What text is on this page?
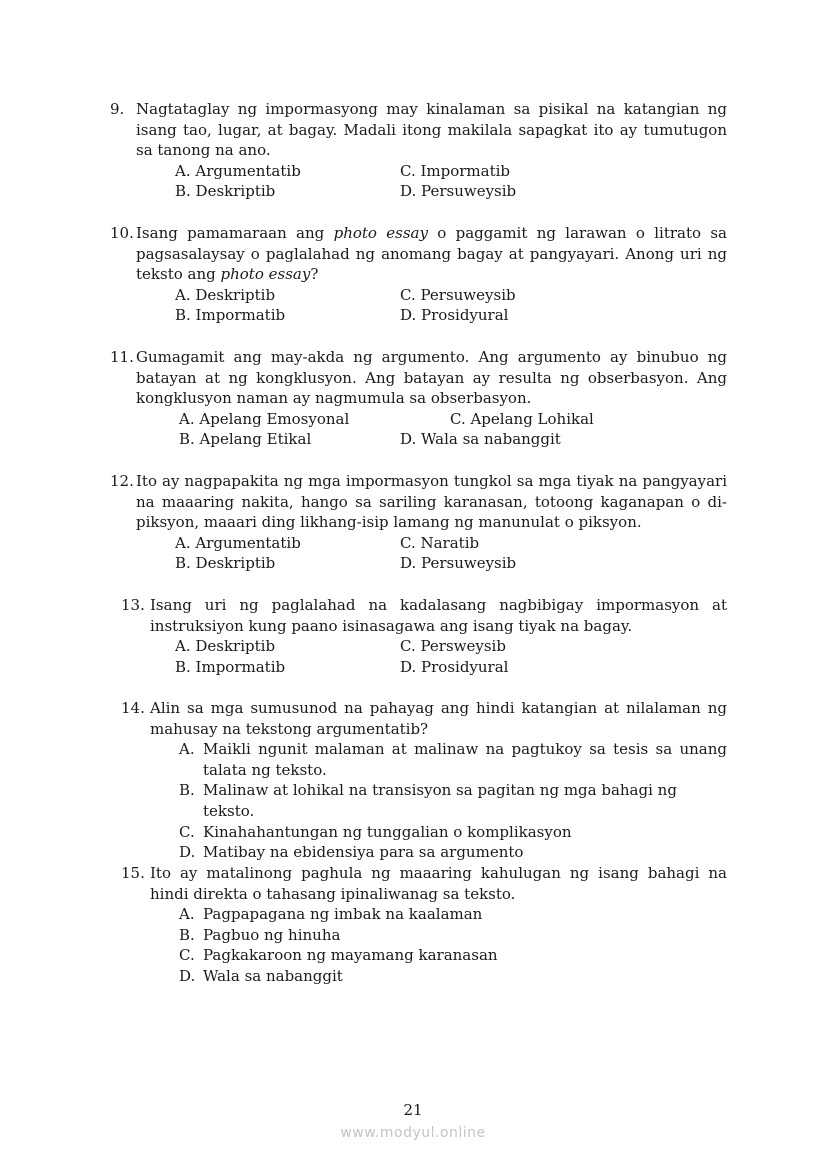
9. Nagtataglay ng impormasyong may kinalaman sa pisikal na katangian ng isang tao, lugar, at bagay. Madali itong makilala sapagkat ito ay tumutugon sa tanong na ano.
A. Argumentatib	C. Impormatib
B. Deskriptib	D. Persuweysib
10. Isang pamamaraan ang photo essay o paggamit ng larawan o litrato sa pagsasalaysay o paglalahad ng anomang bagay at pangyayari. Anong uri ng teksto ang photo essay?
A. Deskriptib	C. Persuweysib
B. Impormatib	D. Prosidyural
11. Gumagamit ang may-akda ng argumento. Ang argumento ay binubuo ng batayan at ng kongklusyon. Ang batayan ay resulta ng obserbasyon. Ang kongklusyon naman ay nagmumula sa obserbasyon.
A. Apelang Emosyonal	C. Apelang Lohikal
B. Apelang Etikal	D. Wala sa nabanggit
12. Ito ay nagpapakita ng mga impormasyon tungkol sa mga tiyak na pangyayari na maaaring nakita, hango sa sariling karanasan, totoong kaganapan o di-piksyon, maaari ding likhang-isip lamang ng manunulat o piksyon.
A. Argumentatib	C. Naratib
B. Deskriptib	D. Persuweysib
13. Isang uri ng paglalahad na kadalasang nagbibigay impormasyon at instruksiyon kung paano isinasagawa ang isang tiyak na bagay.
A. Deskriptib	C. Persweysib
B. Impormatib	D. Prosidyural
14. Alin sa mga sumusunod na pahayag ang hindi katangian at nilalaman ng mahusay na tekstong argumentatib?
A. Maikli ngunit malaman at malinaw na pagtukoy sa tesis sa unang talata ng teksto.
B. Malinaw at lohikal na transisyon sa pagitan ng mga bahagi ng teksto.
C. Kinahahantungan ng tunggalian o komplikasyon
D. Matibay na ebidensiya para sa argumento
15. Ito ay matalinong paghula ng maaaring kahulugan ng isang bahagi na hindi direkta o tahasang ipinaliwanag sa teksto.
A. Pagpapagana ng imbak na kaalaman
B. Pagbuo ng hinuha
C. Pagkakaroon ng mayamang karanasan
D. Wala sa nabanggit
21
www.modyul.online
